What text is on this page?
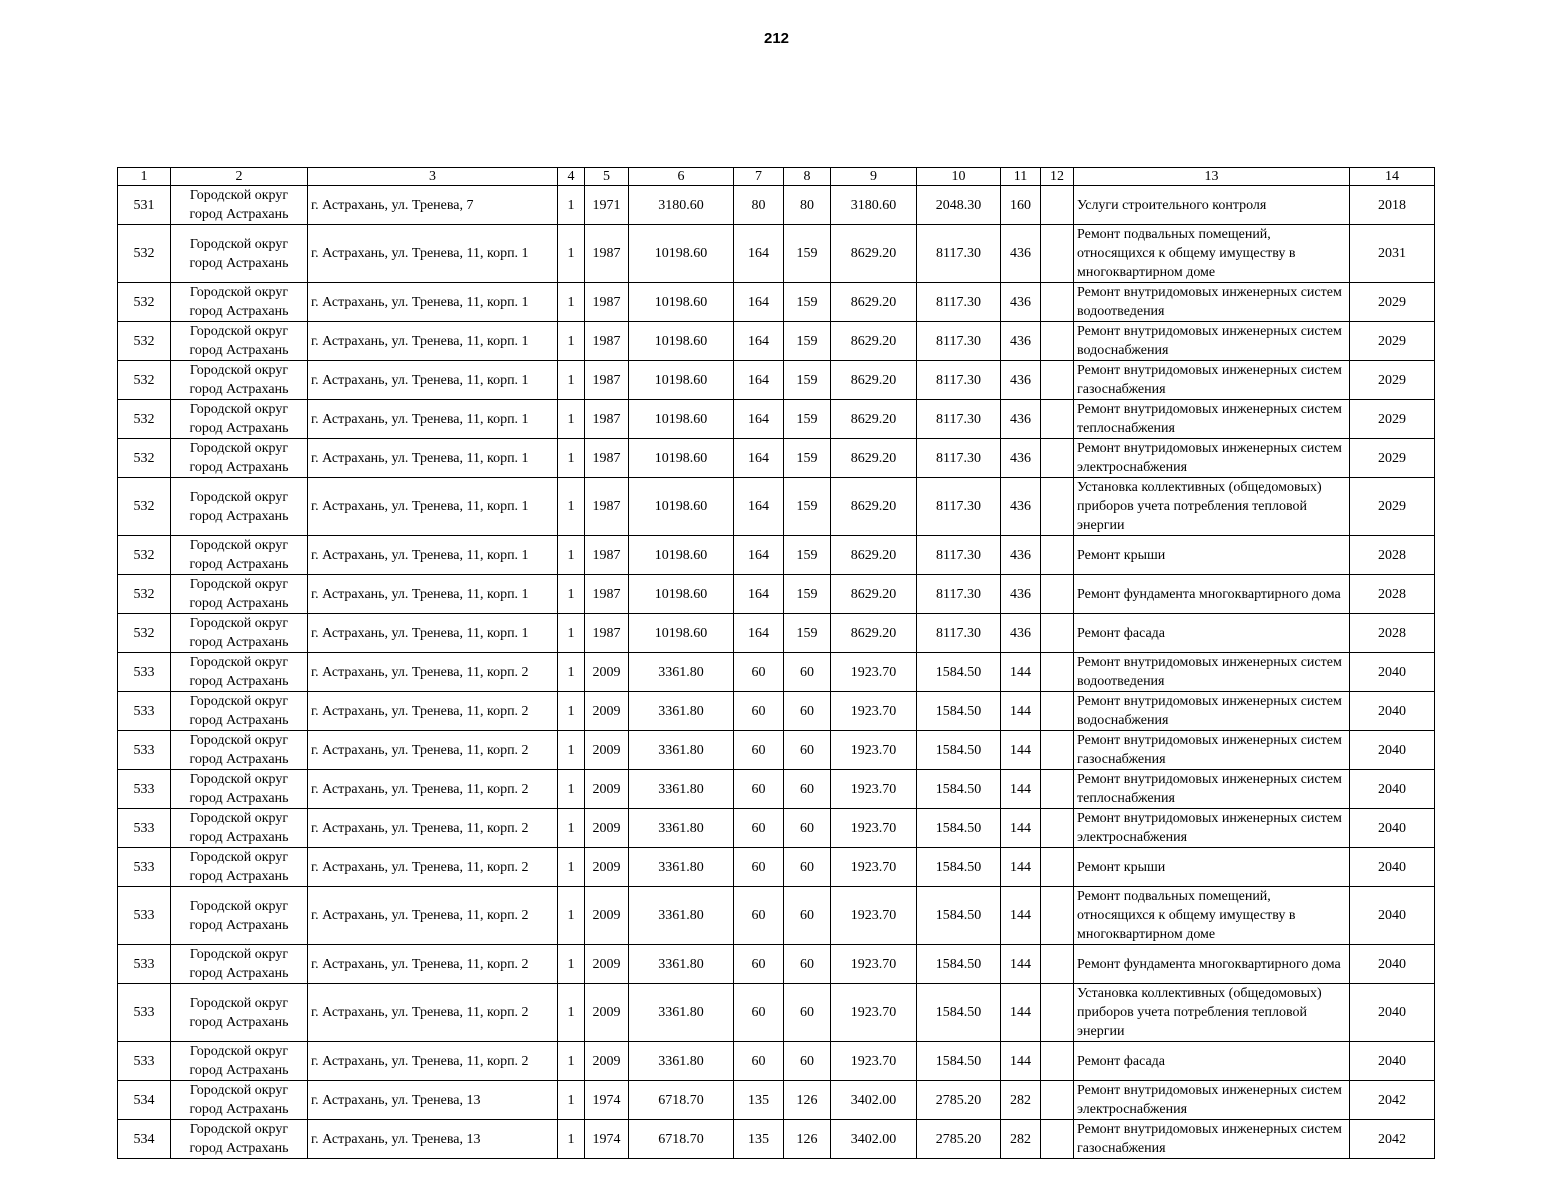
212
1	2	3	4	5	6	7	8	9	10	11	12	13	14
531	Городской округ город Астрахань	г. Астрахань, ул. Тренева, 7	1	1971	3180.60	80	80	3180.60	2048.30	160		Услуги строительного контроля	2018
532	Городской округ город Астрахань	г. Астрахань, ул. Тренева, 11, корп. 1	1	1987	10198.60	164	159	8629.20	8117.30	436		Ремонт подвальных помещений, относящихся к общему имуществу в многоквартирном доме	2031
532	Городской округ город Астрахань	г. Астрахань, ул. Тренева, 11, корп. 1	1	1987	10198.60	164	159	8629.20	8117.30	436		Ремонт внутридомовых инженерных систем водоотведения	2029
532	Городской округ город Астрахань	г. Астрахань, ул. Тренева, 11, корп. 1	1	1987	10198.60	164	159	8629.20	8117.30	436		Ремонт внутридомовых инженерных систем водоснабжения	2029
532	Городской округ город Астрахань	г. Астрахань, ул. Тренева, 11, корп. 1	1	1987	10198.60	164	159	8629.20	8117.30	436		Ремонт внутридомовых инженерных систем газоснабжения	2029
532	Городской округ город Астрахань	г. Астрахань, ул. Тренева, 11, корп. 1	1	1987	10198.60	164	159	8629.20	8117.30	436		Ремонт внутридомовых инженерных систем теплоснабжения	2029
532	Городской округ город Астрахань	г. Астрахань, ул. Тренева, 11, корп. 1	1	1987	10198.60	164	159	8629.20	8117.30	436		Ремонт внутридомовых инженерных систем электроснабжения	2029
532	Городской округ город Астрахань	г. Астрахань, ул. Тренева, 11, корп. 1	1	1987	10198.60	164	159	8629.20	8117.30	436		Установка коллективных (общедомовых) приборов учета потребления тепловой энергии	2029
532	Городской округ город Астрахань	г. Астрахань, ул. Тренева, 11, корп. 1	1	1987	10198.60	164	159	8629.20	8117.30	436		Ремонт крыши	2028
532	Городской округ город Астрахань	г. Астрахань, ул. Тренева, 11, корп. 1	1	1987	10198.60	164	159	8629.20	8117.30	436		Ремонт фундамента многоквартирного дома	2028
532	Городской округ город Астрахань	г. Астрахань, ул. Тренева, 11, корп. 1	1	1987	10198.60	164	159	8629.20	8117.30	436		Ремонт фасада	2028
533	Городской округ город Астрахань	г. Астрахань, ул. Тренева, 11, корп. 2	1	2009	3361.80	60	60	1923.70	1584.50	144		Ремонт внутридомовых инженерных систем водоотведения	2040
533	Городской округ город Астрахань	г. Астрахань, ул. Тренева, 11, корп. 2	1	2009	3361.80	60	60	1923.70	1584.50	144		Ремонт внутридомовых инженерных систем водоснабжения	2040
533	Городской округ город Астрахань	г. Астрахань, ул. Тренева, 11, корп. 2	1	2009	3361.80	60	60	1923.70	1584.50	144		Ремонт внутридомовых инженерных систем газоснабжения	2040
533	Городской округ город Астрахань	г. Астрахань, ул. Тренева, 11, корп. 2	1	2009	3361.80	60	60	1923.70	1584.50	144		Ремонт внутридомовых инженерных систем теплоснабжения	2040
533	Городской округ город Астрахань	г. Астрахань, ул. Тренева, 11, корп. 2	1	2009	3361.80	60	60	1923.70	1584.50	144		Ремонт внутридомовых инженерных систем электроснабжения	2040
533	Городской округ город Астрахань	г. Астрахань, ул. Тренева, 11, корп. 2	1	2009	3361.80	60	60	1923.70	1584.50	144		Ремонт крыши	2040
533	Городской округ город Астрахань	г. Астрахань, ул. Тренева, 11, корп. 2	1	2009	3361.80	60	60	1923.70	1584.50	144		Ремонт подвальных помещений, относящихся к общему имуществу в многоквартирном доме	2040
533	Городской округ город Астрахань	г. Астрахань, ул. Тренева, 11, корп. 2	1	2009	3361.80	60	60	1923.70	1584.50	144		Ремонт фундамента многоквартирного дома	2040
533	Городской округ город Астрахань	г. Астрахань, ул. Тренева, 11, корп. 2	1	2009	3361.80	60	60	1923.70	1584.50	144		Установка коллективных (общедомовых) приборов учета потребления тепловой энергии	2040
533	Городской округ город Астрахань	г. Астрахань, ул. Тренева, 11, корп. 2	1	2009	3361.80	60	60	1923.70	1584.50	144		Ремонт фасада	2040
534	Городской округ город Астрахань	г. Астрахань, ул. Тренева, 13	1	1974	6718.70	135	126	3402.00	2785.20	282		Ремонт внутридомовых инженерных систем электроснабжения	2042
534	Городской округ город Астрахань	г. Астрахань, ул. Тренева, 13	1	1974	6718.70	135	126	3402.00	2785.20	282		Ремонт внутридомовых инженерных систем газоснабжения	2042
